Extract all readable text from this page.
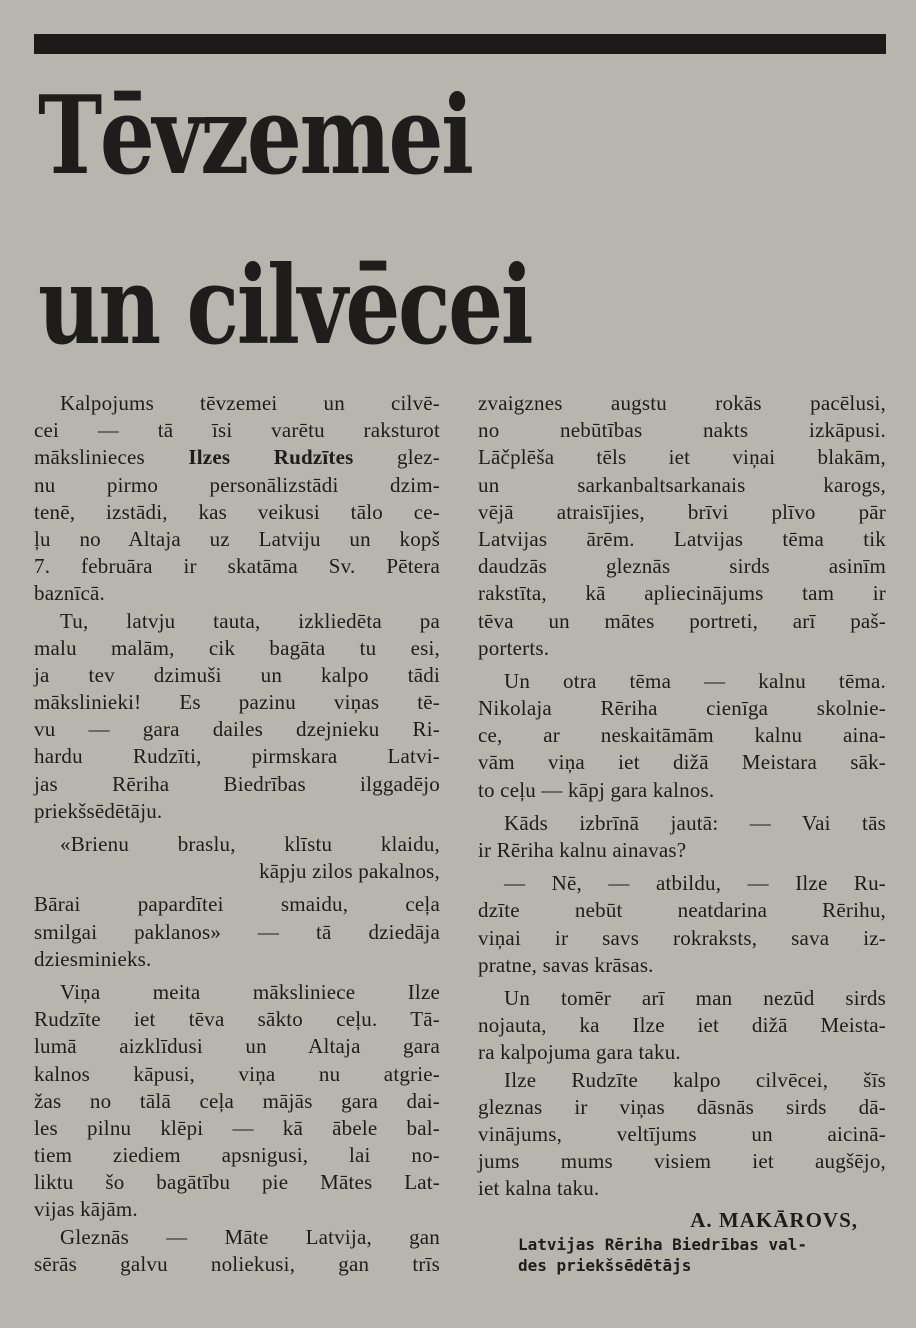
Tēvzemei
un cilvēcei
Kalpojums tēvzemei un cilvē-
cei — tā īsi varētu raksturot
mākslinieces Ilzes Rudzītes glez-
nu pirmo personālizstādi dzim-
tenē, izstādi, kas veikusi tālo ce-
ļu no Altaja uz Latviju un kopš
7. februāra ir skatāma Sv. Pētera
baznīcā.
Tu, latvju tauta, izkliedēta pa
malu malām, cik bagāta tu esi,
ja tev dzimuši un kalpo tādi
mākslinieki! Es pazinu viņas tē-
vu — gara dailes dzejnieku Ri-
hardu Rudzīti, pirmskara Latvi-
jas Rēriha Biedrības ilggadējo
priekšsēdētāju.
«Brienu braslu, klīstu klaidu,
kāpju zilos pakalnos,
Bārai papardītei smaidu, ceļa
smilgai paklanos» — tā dziedāja
dziesminieks.
Viņa meita māksliniece Ilze
Rudzīte iet tēva sākto ceļu. Tā-
lumā aizklīdusi un Altaja gara
kalnos kāpusi, viņa nu atgrie-
žas no tālā ceļa mājās gara dai-
les pilnu klēpi — kā ābele bal-
tiem ziediem apsnigusi, lai no-
liktu šo bagātību pie Mātes Lat-
vijas kājām.
Gleznās — Māte Latvija, gan
sērās galvu noliekusi, gan trīs
zvaigznes augstu rokās pacēlusi,
no nebūtības nakts izkāpusi.
Lāčplēša tēls iet viņai blakām,
un sarkanbaltsarkanais karogs,
vējā atraisījies, brīvi plīvo pār
Latvijas ārēm. Latvijas tēma tik
daudzās gleznās sirds asinīm
rakstīta, kā apliecinājums tam ir
tēva un mātes portreti, arī paš-
porterts.
Un otra tēma — kalnu tēma.
Nikolaja Rēriha cienīga skolnie-
ce, ar neskaitāmām kalnu aina-
vām viņa iet dižā Meistara sāk-
to ceļu — kāpj gara kalnos.
Kāds izbrīnā jautā: — Vai tās
ir Rēriha kalnu ainavas?
— Nē, — atbildu, — Ilze Ru-
dzīte nebūt neatdarina Rērihu,
viņai ir savs rokraksts, sava iz-
pratne, savas krāsas.
Un tomēr arī man nezūd sirds
nojauta, ka Ilze iet dižā Meista-
ra kalpojuma gara taku.
Ilze Rudzīte kalpo cilvēcei, šīs
gleznas ir viņas dāsnās sirds dā-
vinājums, veltījums un aicinā-
jums mums visiem iet augšējo,
iet kalna taku.
A. MAKĀROVS,
Latvijas Rēriha Biedrības val-
des priekšsēdētājs
